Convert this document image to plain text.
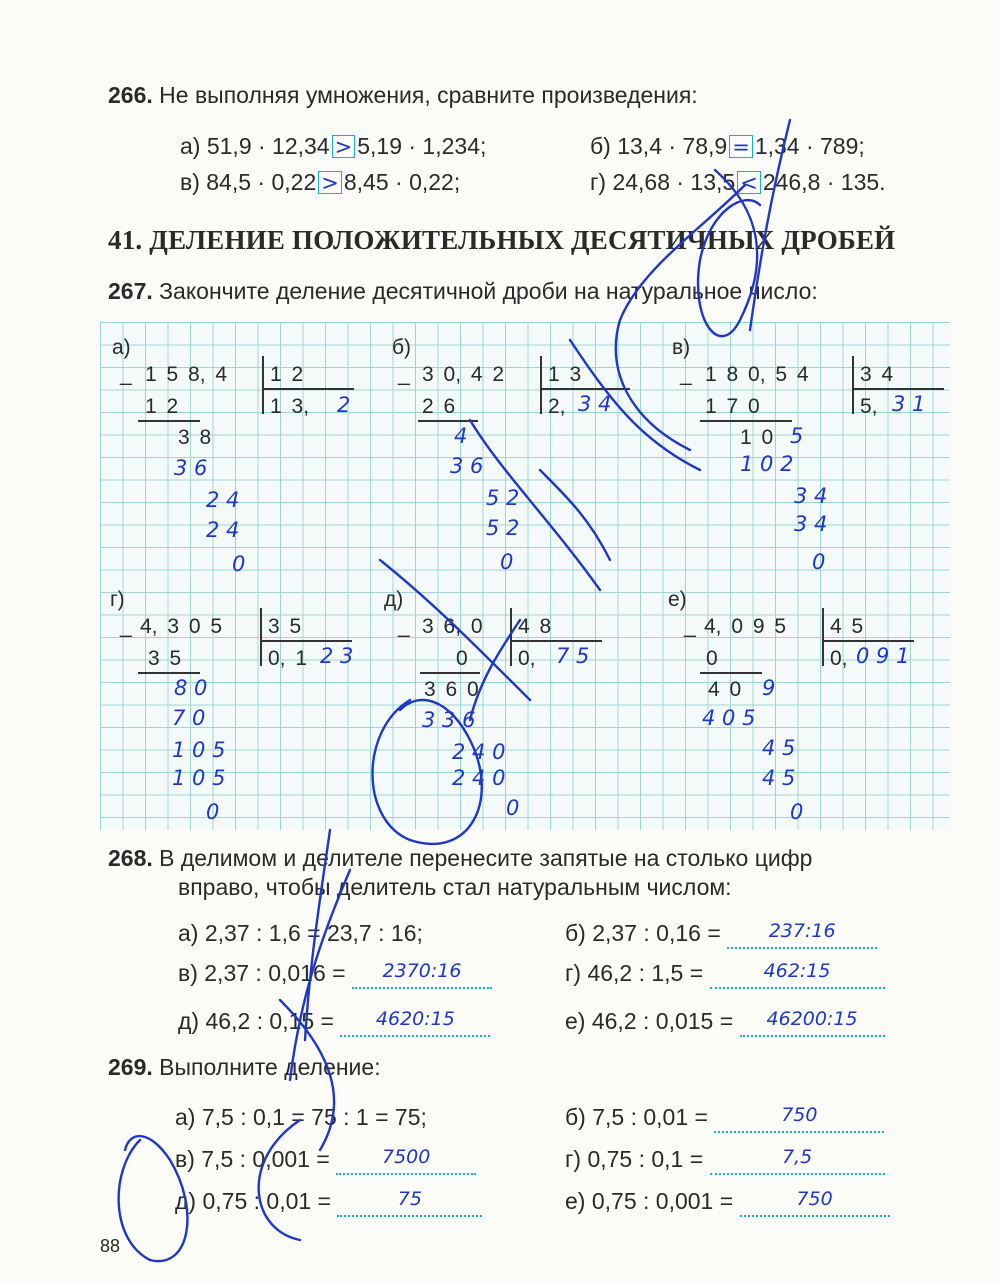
266. Не выполняя умножения, сравните произведения:
а) 51,9 · 12,34 > 5,19 · 1,234;	б) 13,4 · 78,9 = 1,34 · 789;
в) 84,5 · 0,22 > 8,45 · 0,22;	г) 24,68 · 13,5 < 246,8 · 135.
41. ДЕЛЕНИЕ ПОЛОЖИТЕЛЬНЫХ ДЕСЯТИЧНЫХ ДРОБЕЙ
267. Закончите деление десятичной дроби на натуральное число:
а)
_ 1 5 8, 4 1 2
1 3, 2
1 2
3 8
3 6
2 4
2 4
0
б)
_ 3 0, 4 2 1 3
2, 3 4
2 6
4
3 6
5 2
5 2
0
в)
_ 1 8 0, 5 4 3 4
5, 3 1
1 7 0
1 0 5
1 0 2
3 4
3 4
0
г)
_ 4, 3 0 5 3 5
0, 1 2 3
3 5
8 0
7 0
1 0 5
1 0 5
0
д)
_ 3 6, 0 4 8
0, 7 5
0
3 6 0
3 3 6
2 4 0
2 4 0
0
е)
_ 4, 0 9 5 4 5
0, 0 9 1
0
4 0 9
4 0 5
4 5
4 5
0
268. В делимом и делителе перенесите запятые на столько цифр
вправо, чтобы делитель стал натуральным числом:
а) 2,37 : 1,6 = 23,7 : 16;	б) 2,37 : 0,16 =	237:16
в) 2,37 : 0,016 = 2370:16	г) 46,2 : 1,5 =	462:15
д) 46,2 : 0,15 = 4620:15	е) 46,2 : 0,015 = 46200:15
269. Выполните деление:
а) 7,5 : 0,1 = 75 : 1 = 75;	б) 7,5 : 0,01 =	750
в) 7,5 : 0,001 =	7500	г) 0,75 : 0,1 =	7,5
д) 0,75 : 0,01 =	75	е) 0,75 : 0,001 =	750
88
